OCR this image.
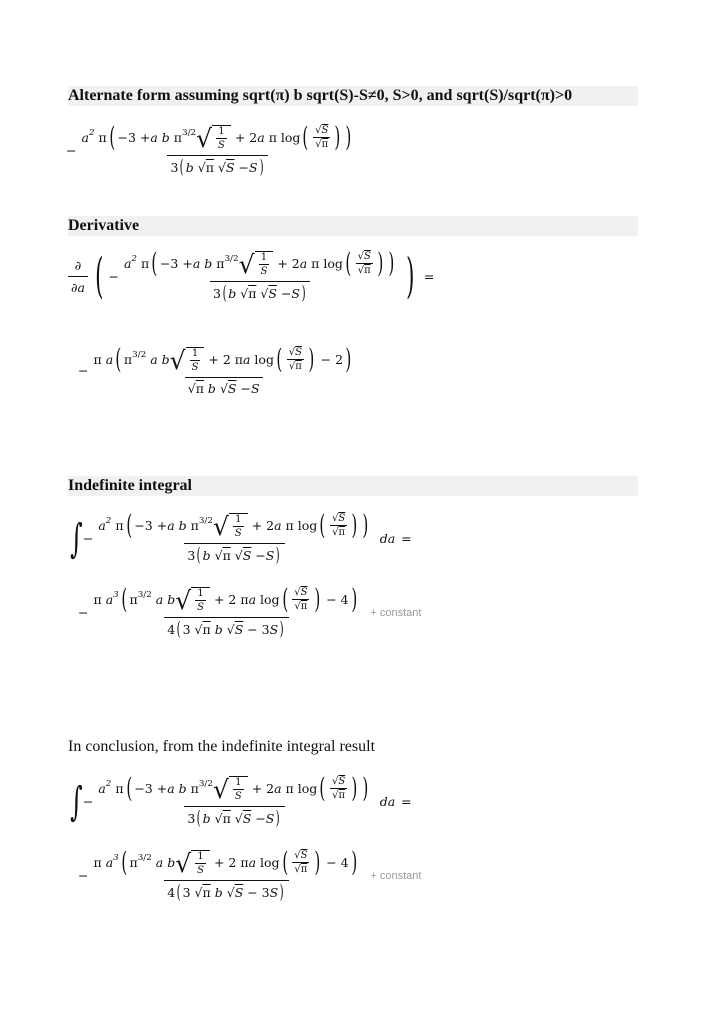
Alternate form assuming sqrt(π) b sqrt(S)-S≠0, S>0, and sqrt(S)/sqrt(π)>0
−
$a^2$ π ( −3 + a b $\pi^{3/2}$ √ 1
S + 2 a π log ( $\frac{√ S}{√ \pi}$ ) )
3 ( b √π √S − S )
Derivative
∂
∂a ( −
$a^2$ π ( −3 + a b $\pi^{3/2}$ √ 1
S + 2 a π log ( $\frac{√ S}{√ \pi}$ ) )
3 ( b √π √S − S ) ) =
−
π a ( $\pi^{3/2}$ a b √ 1
S + 2 π a log ( $\frac{√ S}{√ \pi}$ )
− 2 )
√π b √S − S
Indefinite integral
∫ −
$a^2$ π ( −3 + a b $\pi^{3/2}$ √ 1
S + 2 a π log ( $\frac{√ S}{√ \pi}$ ) )
3 ( b √π √S − S )
da =
−
π $a^3$ ( $\pi^{3/2}$ a b √ 1
S + 2 π a log ( $\frac{√ S}{√ \pi}$ )
− 4 )
4 ( 3 √π b √S − 3 S )
+ constant
In conclusion, from the indefinite integral result
∫ −
$a^2$ π ( −3 + a b $\pi^{3/2}$ √ 1
S + 2 a π log ( $\frac{√ S}{√ \pi}$ ) )
3 ( b √π √S − S )
da =
−
π $a^3$ ( $\pi^{3/2}$ a b √ 1
S + 2 π a log ( $\frac{√ S}{√ \pi}$ )
− 4 )
4 ( 3 √π b √S − 3 S )
+ constant
